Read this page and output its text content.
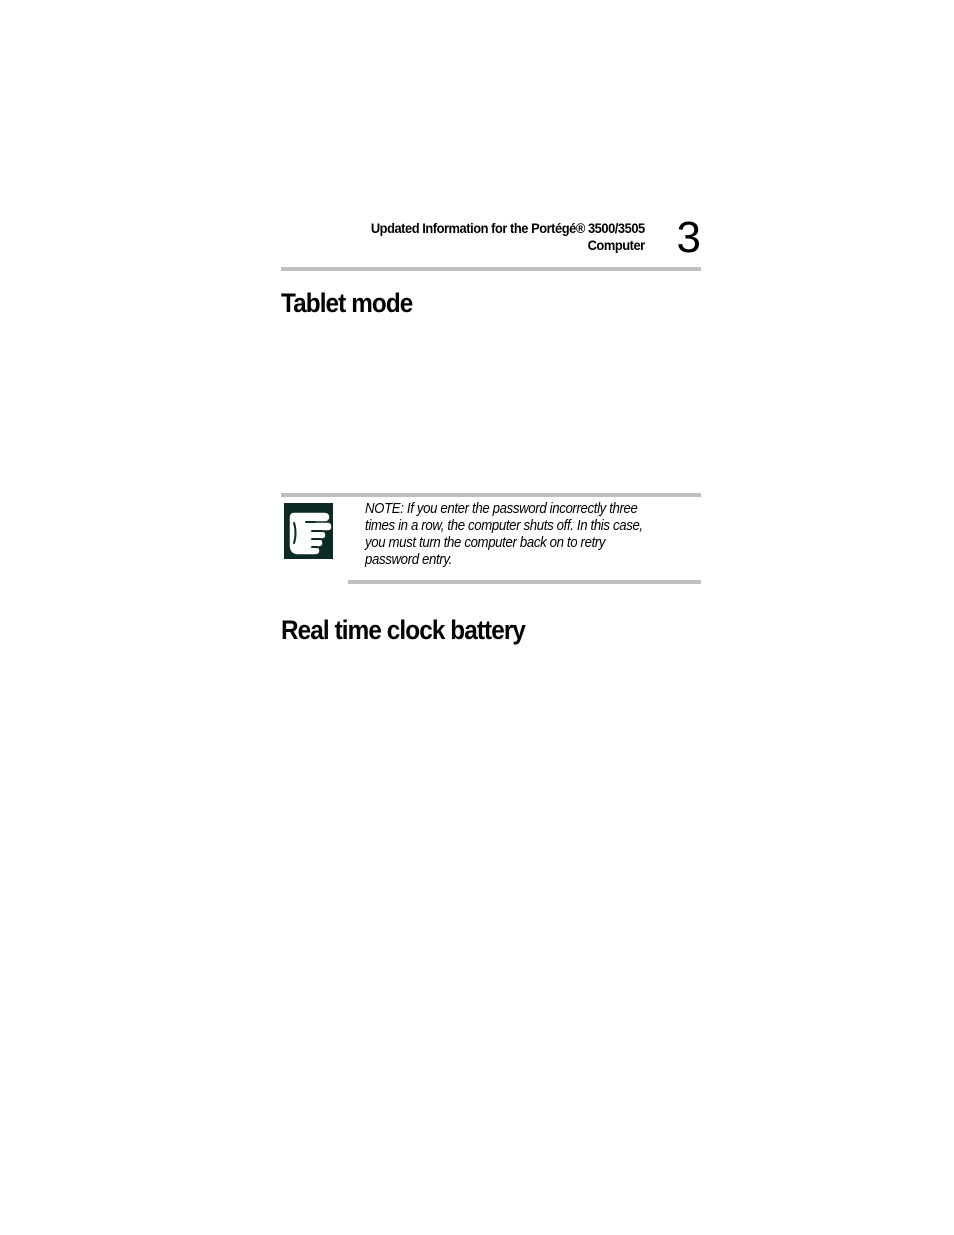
Updated Information for the Portégé® 3500/3505
Computer 3
Tablet mode
NOTE: If you enter the password incorrectly three
times in a row, the computer shuts off. In this case,
you must turn the computer back on to retry
password entry.
Real time clock battery
